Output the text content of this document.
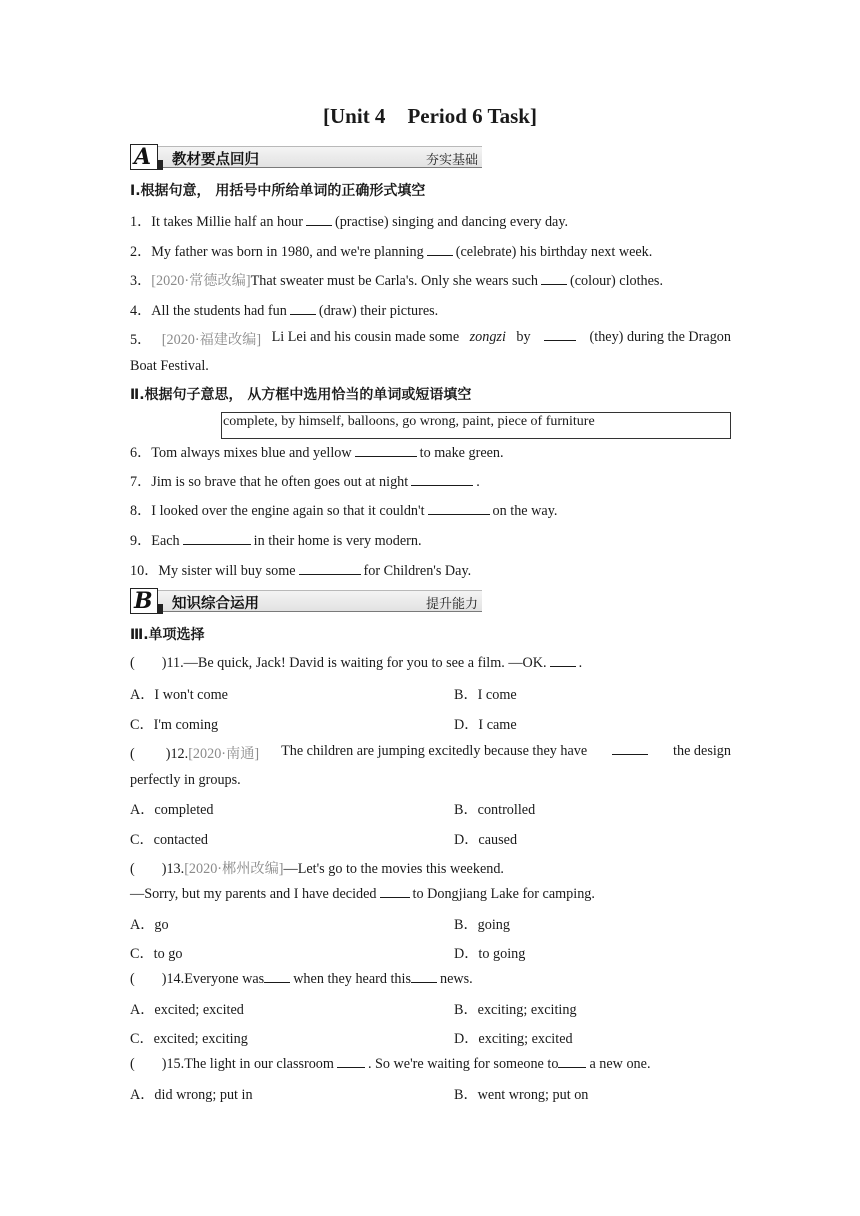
[Unit 4 Period 6 Task]
A 教材要点回归	夯实基础
Ⅰ.根据句意， 用括号中所给单词的正确形式填空
1．It takes Millie half an hour (practise) singing and dancing every day.
2．My father was born in 1980, and we're planning (celebrate) his birthday next week.
3．[2020·常德改编]That sweater must be Carla's. Only she wears such (colour) clothes.
4．All the students had fun (draw) their pictures.
5． [2020·福建改编] Li Lei and his cousin made some zongzi by	(they) during the Dragon
Boat Festival.
Ⅱ.根据句子意思， 从方框中选用恰当的单词或短语填空
complete, by himself, balloons, go wrong, paint, piece of furniture
6．Tom always mixes blue and yellow	to make green.
7．Jim is so brave that he often goes out at night	.
8．I looked over the engine again so that it couldn't	on the way.
9．Each	in their home is very modern.
10．My sister will buy some	for Children's Day.
B 知识综合运用	提升能力
Ⅲ.单项选择
( )11.—Be quick, Jack! David is waiting for you to see a film. —OK. .
A．I won't come	B．I come
C．I'm coming	D．I came
( )12.[2020·南通] The children are jumping excitedly because they have	the design
perfectly in groups.
A．completed	B．controlled
C．contacted	D．caused
( )13.[2020·郴州改编]—Let's go to the movies this weekend.
—Sorry, but my parents and I have decided	to Dongjiang Lake for camping.
A．go	B．going
C．to go	D．to going
( )14.Everyone was when they heard this news.
A．excited; excited	B．exciting; exciting
C．excited; exciting	D．exciting; excited
( )15.The light in our classroom . So we're waiting for someone to a new one.
A．did wrong; put in	B．went wrong; put on
